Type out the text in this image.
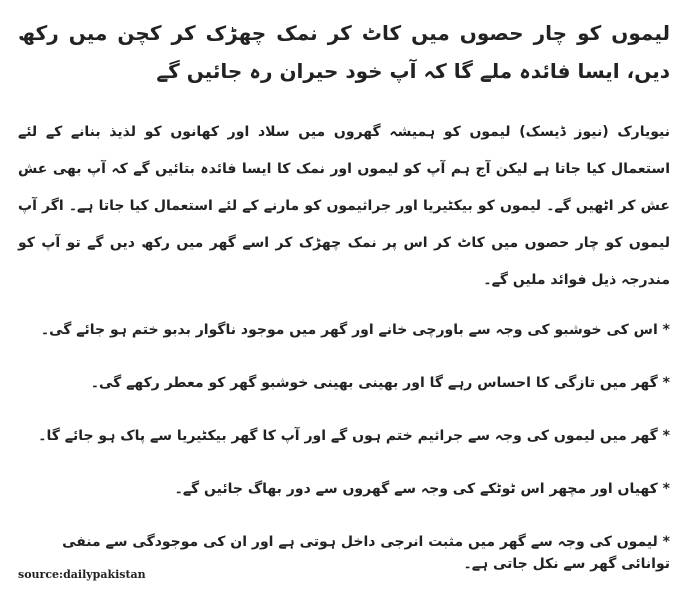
لیموں کو چار حصوں میں کاٹ کر نمک چھڑک کر کچن میں رکھ دیں، ایسا فائدہ ملے گا کہ آپ خود حیران رہ جائیں گے

نیویارک (نیوز ڈیسک) لیموں کو ہمیشہ گھروں میں سلاد اور کھانوں کو لذیذ بنانے کے لئے استعمال کیا جاتا ہے لیکن آج ہم آپ کو لیموں اور نمک کا ایسا فائدہ بتائیں گے کہ آپ بھی عش عش کر اٹھیں گے۔ لیموں کو بیکٹیریا اور جراثیموں کو مارنے کے لئے استعمال کیا جاتا ہے۔ اگر آپ لیموں کو چار حصوں میں کاٹ کر اس پر نمک چھڑک کر اسے گھر میں رکھ دیں گے تو آپ کو مندرجہ ذیل فوائد ملیں گے۔

* اس کی خوشبو کی وجہ سے باورچی خانے اور گھر میں موجود ناگوار بدبو ختم ہو جائے گی۔
* گھر میں تازگی کا احساس رہے گا اور بھینی بھینی خوشبو گھر کو معطر رکھے گی۔
* گھر میں لیموں کی وجہ سے جراثیم ختم ہوں گے اور آپ کا گھر بیکٹیریا سے پاک ہو جائے گا۔
* کھیاں اور مچھر اس ٹوٹکے کی وجہ سے گھروں سے دور بھاگ جائیں گے۔
* لیموں کی وجہ سے گھر میں مثبت انرجی داخل ہوتی ہے اور ان کی موجودگی سے منفی توانائی گھر سے نکل جاتی ہے۔
source:dailypakistan
